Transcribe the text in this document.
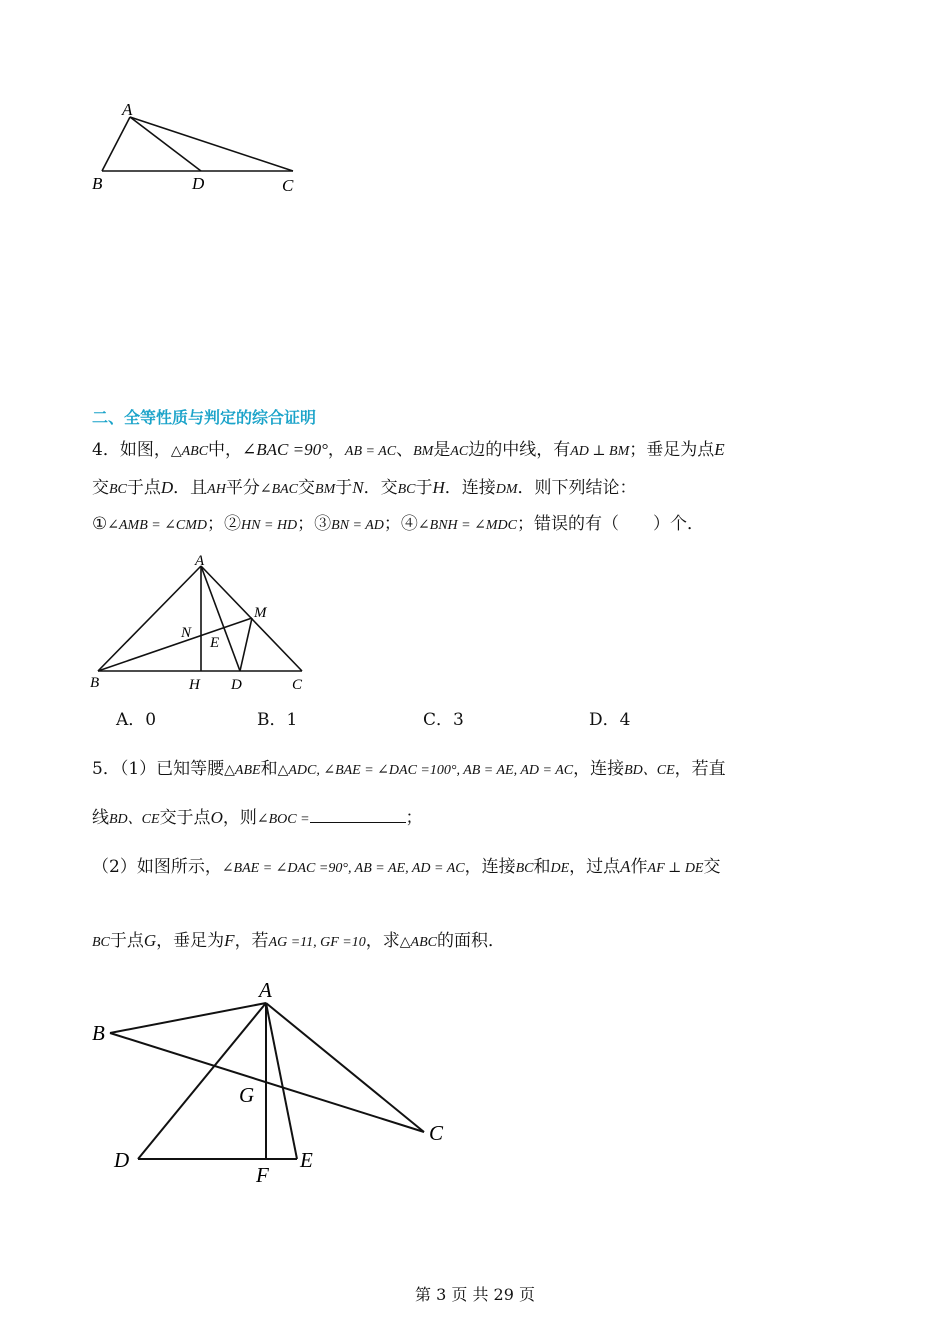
A
B	D	C
二、全等性质与判定的综合证明
4．如图，△ABC中，∠BAC =90°，AB = AC、BM是AC边的中线，有AD ⊥ BM；垂足为点E
交BC于点D．且AH平分∠BAC交BM于N．交BC于H．连接DM．则下列结论：
①∠AMB = ∠CMD；②HN = HD；③BN = AD；④∠BNH = ∠MDC；错误的有（　　）个．
A
M
N
E
B	H D	C
A．0	B．1	C．3	D．4
5．（1）已知等腰△ABE和△ADC, ∠BAE = ∠DAC =100°, AB = AE, AD = AC，连接BD、CE，若直
线BD、CE交于点O，则∠BOC =	；
（2）如图所示，∠BAE = ∠DAC =90°, AB = AE, AD = AC，连接BC和DE，过点A作AF ⊥ DE交
BC于点G，垂足为F，若AG =11, GF =10，求△ABC的面积．
A
B
G
C
D
F
E
第 3 页 共 29 页
